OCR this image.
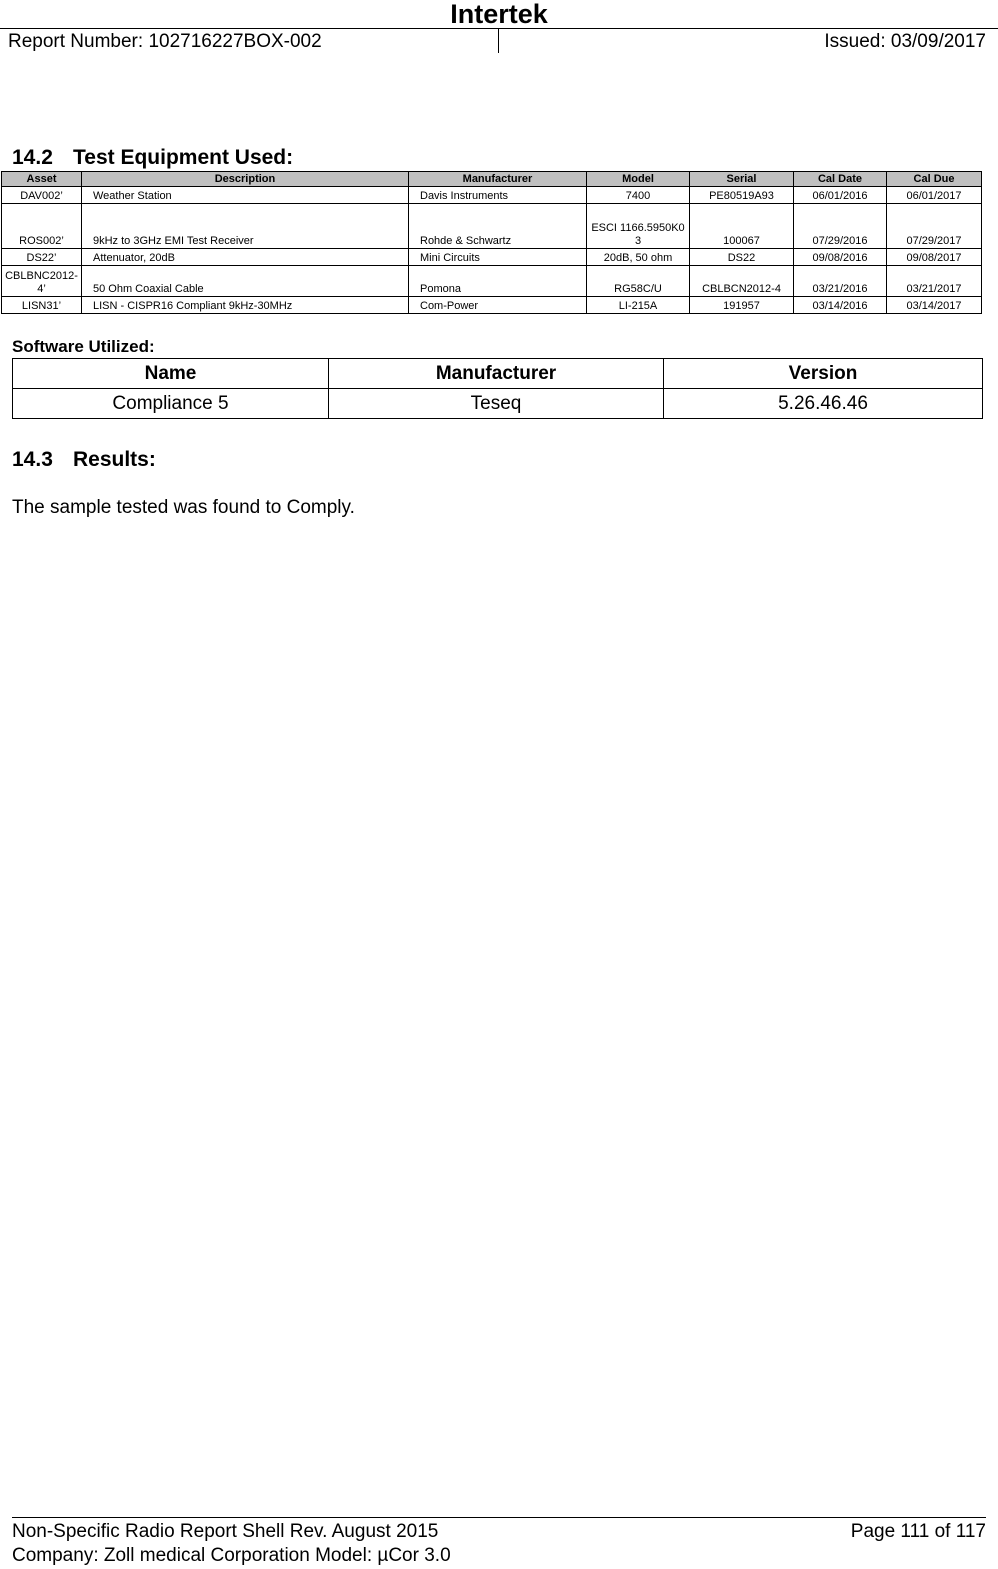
Intertek
Report Number: 102716227BOX-002	Issued: 03/09/2017
14.2 Test Equipment Used:
Asset	Description	Manufacturer	Model	Serial	Cal Date	Cal Due
DAV002’	Weather Station	Davis Instruments	7400	PE80519A93	06/01/2016	06/01/2017
ROS002’	9kHz to 3GHz EMI Test Receiver	Rohde & Schwartz	ESCI 1166.5950K03	100067	07/29/2016	07/29/2017
DS22’	Attenuator, 20dB	Mini Circuits	20dB, 50 ohm	DS22	09/08/2016	09/08/2017
CBLBNC2012-4’	50 Ohm Coaxial Cable	Pomona	RG58C/U	CBLBCN2012-4	03/21/2016	03/21/2017
LISN31’	LISN - CISPR16 Compliant 9kHz-30MHz	Com-Power	LI-215A	191957	03/14/2016	03/14/2017
Software Utilized:
Name	Manufacturer	Version
Compliance 5	Teseq	5.26.46.46
14.3 Results:
The sample tested was found to Comply.
Non-Specific Radio Report Shell Rev. August 2015	Page 111 of 117
Company: Zoll medical Corporation Model: µCor 3.0
